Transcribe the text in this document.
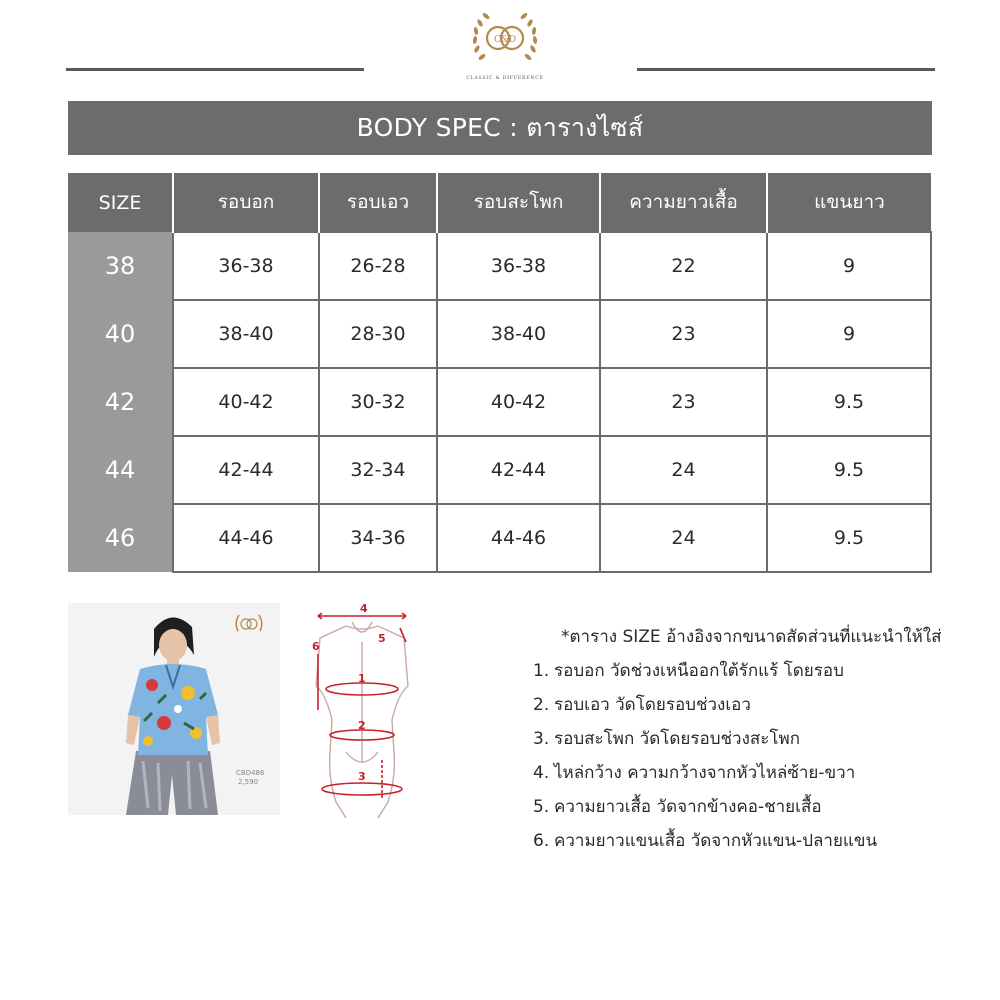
C&D
CLASSIC & DIFFERENCE
BODY SPEC : ตารางไซส์
SIZE	รอบอก	รอบเอว	รอบสะโพก	ความยาวเสื้อ	แขนยาว
38	36-38	26-28	36-38	22	9
40	38-40	28-30	38-40	23	9
42	40-42	30-32	40-42	23	9.5
44	42-44	32-34	42-44	24	9.5
46	44-46	34-36	44-46	24	9.5
CBD486
2,590
4
5
6
1
2
3
*ตาราง SIZE อ้างอิงจากขนาดสัดส่วนที่แนะนำให้ใส่
1. รอบอก วัดช่วงเหนืออกใต้รักแร้ โดยรอบ
2. รอบเอว วัดโดยรอบช่วงเอว
3. รอบสะโพก วัดโดยรอบช่วงสะโพก
4. ไหล่กว้าง ความกว้างจากหัวไหล่ซ้าย-ขวา
5. ความยาวเสื้อ วัดจากข้างคอ-ชายเสื้อ
6. ความยาวแขนเสื้อ วัดจากหัวแขน-ปลายแขน
